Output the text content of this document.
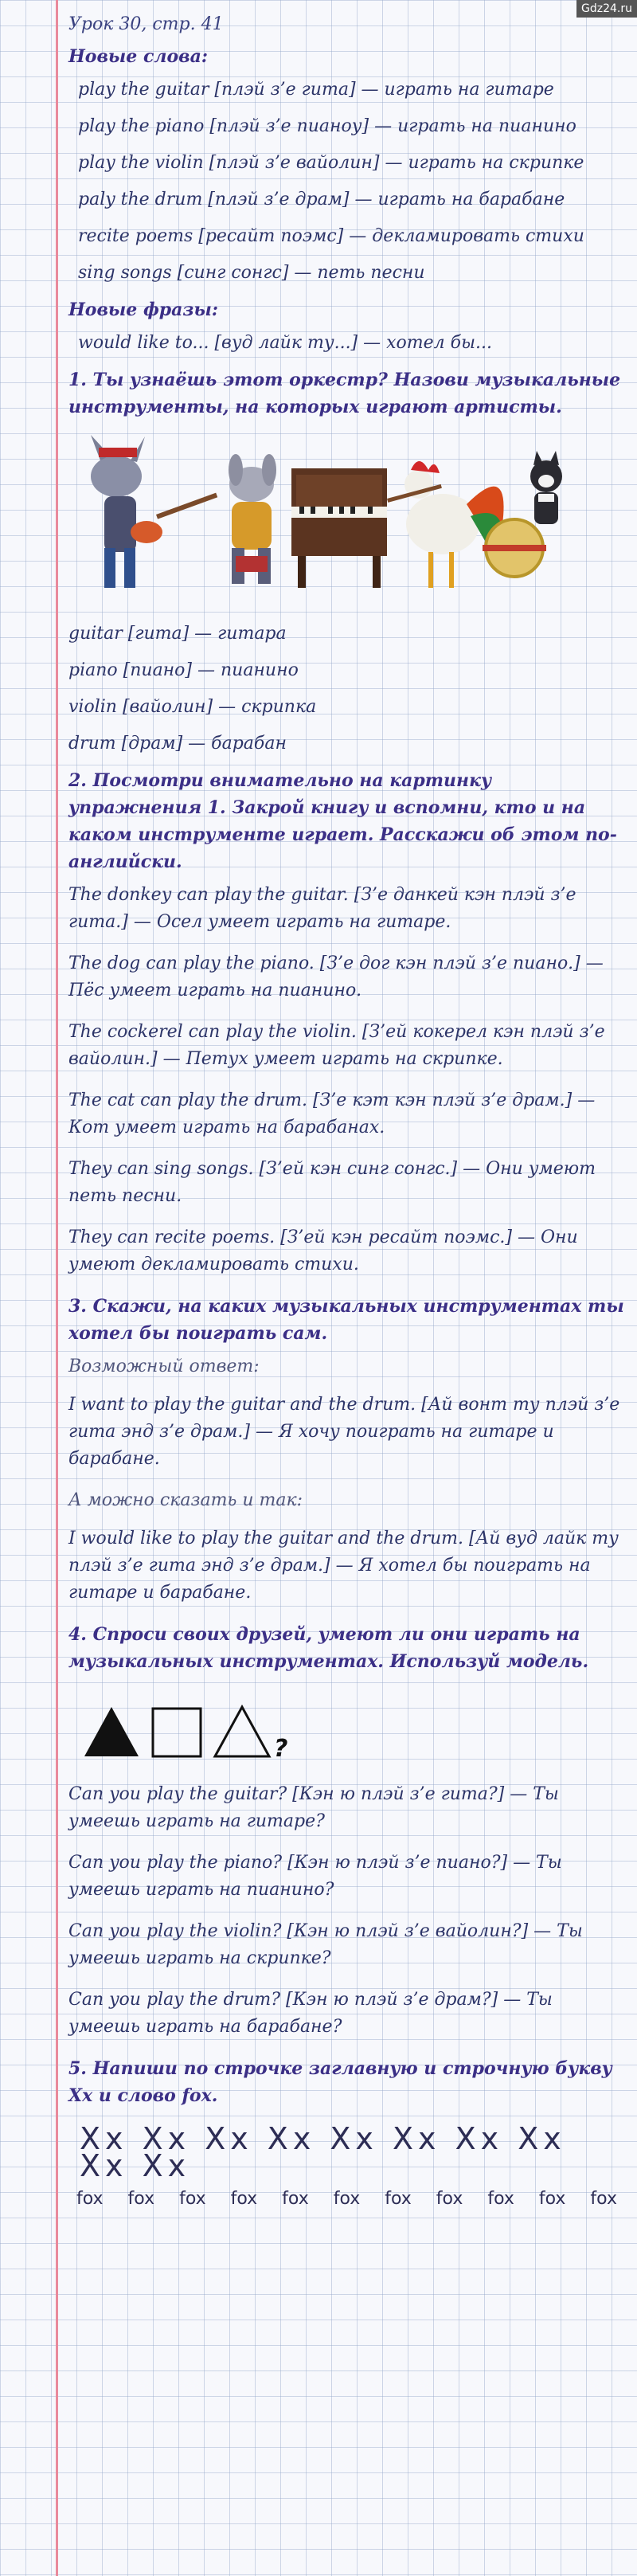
Gdz24.ru
Урок 30, стр. 41
Новые слова:
play the guitar [плэй з’е гита] — играть на гитаре
play the piano [плэй з’е пианоу] — играть на пианино
play the violin [плэй з’е вайолин] — играть на скрипке
paly the drum [плэй з’е драм] — играть на барабане
recite poems [ресайт поэмс] — декламировать стихи
sing songs [синг сонгс] — петь песни
Новые фразы:
would like to... [вуд лайк ту...] — хотел бы...
1. Ты узнаёшь этот оркестр? Назови музыкальные инструменты, на которых играют артисты.
guitar [гита] — гитара
piano [пиано] — пианино
violin [вайолин] — скрипка
drum [драм] — барабан
2. Посмотри внимательно на картинку упражнения 1. Закрой книгу и вспомни, кто и на каком инструменте играет. Расскажи об этом по-английски.
The donkey can play the guitar. [З’е данкей кэн плэй з’е гита.] — Осел умеет играть на гитаре.
The dog can play the piano. [З’е дог кэн плэй з’е пиано.] — Пёс умеет играть на пианино.
The cockerel can play the violin. [З’ей кокерел кэн плэй з’е вайолин.] — Петух умеет играть на скрипке.
The cat can play the drum. [З’е кэт кэн плэй з’е драм.] — Кот умеет играть на барабанах.
They can sing songs. [З’ей кэн синг сонгс.] — Они умеют петь песни.
They can recite poems. [З’ей кэн ресайт поэмс.] — Они умеют декламировать стихи.
3. Скажи, на каких музыкальных инструментах ты хотел бы поиграть сам.
Возможный ответ:
I want to play the guitar and the drum. [Ай вонт ту плэй з’е гита энд з’е драм.] — Я хочу поиграть на гитаре и барабане.
А можно сказать и так:
I would like to play the guitar and the drum. [Ай вуд лайк ту плэй з’е гита энд з’е драм.] — Я хотел бы поиграть на гитаре и барабане.
4. Спроси своих друзей, умеют ли они играть на музыкальных инструментах. Используй модель.
?
Can you play the guitar? [Кэн ю плэй з’е гита?] — Ты умеешь играть на гитаре?
Can you play the piano? [Кэн ю плэй з’е пиано?] — Ты умеешь играть на пианино?
Can you play the violin? [Кэн ю плэй з’е вайолин?] — Ты умеешь играть на скрипке?
Can you play the drum? [Кэн ю плэй з’е драм?] — Ты умеешь играть на барабане?
5. Напиши по строчке заглавную и строчную букву Xx и слово fox.
Xx Xx Xx Xx Xx Xx Xx Xx Xx Xx
fox fox fox fox fox fox fox fox fox fox fox
